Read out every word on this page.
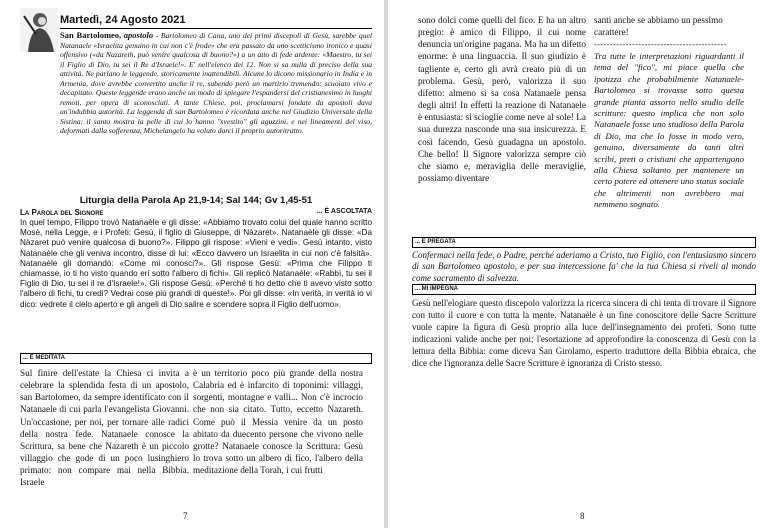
Martedì, 24 Agosto 2021
San Bartolomeo, apostolo - Bartolomeo di Cana, uno dei primi discepoli di Gesù, sarebbe quel Natanaele «Israelita genuino in cui non c'è frode» che era passato da uno scetticismo ironico e quasi offensivo («da Nazareth, può venire qualcosa di buono?») a un atto di fede ardente: «Maestro, tu sei il Figlio di Dio, tu sei il Re d'Israele!». E' nell'elenco dei 12. Non si sa nulla di preciso della sua attività. Ne parlano le leggende, storicamente inattendibili. Alcune lo dicono missionario in India e in Armenia, dove avrebbe convertito anche il re, subendo però un martirio tremendo: scuoiato vivo e decapitato. Queste leggende erano anche un modo di spiegare l'espandersi del cristianesimo in luoghi remoti, per opera di sconosciuti. A tante Chiese, poi, proclamarsi fondate da apostoli dava un'indubbia autorità. La leggenda di san Bartolomeo è ricordata anche nel Giudizio Universale della Sistina: il santo mostra la pelle di cui lo hanno "svestito" gli aguzzini, e nei lineamenti del viso, deformati dalla sofferenza, Michelangelo ha voluto darci il proprio autoritratto.
Liturgia della Parola Ap 21,9-14; Sal 144; Gv 1,45-51
La Parola del Signore	... È ASCOLTATA
In quel tempo, Filippo trovò Natanaèle e gli disse: «Abbiamo trovato colui del quale hanno scritto Mosè, nella Legge, e i Profeti: Gesù, il figlio di Giuseppe, di Nàzaret». Natanaèle gli disse: «Da Nàzaret può venire qualcosa di buono?». Filippo gli rispose: «Vieni e vedi». Gesù intanto, visto Natanaèle che gli veniva incontro, disse di lui: «Ecco davvero un Israelita in cui non c'è falsità». Natanaèle gli domandò: «Come mi conosci?». Gli rispose Gesù: «Prima che Filippo ti chiamasse, io ti ho visto quando eri sotto l'albero di fichi». Gli replicò Natanaèle: «Rabbì, tu sei il Figlio di Dio, tu sei il re d'Israele!». Gli rispose Gesù: «Perché ti ho detto che ti avevo visto sotto l'albero di fichi, tu credi? Vedrai cose più grandi di queste!». Poi gli disse: «In verità, in verità io vi dico: vedrete il cielo aperto e gli angeli di Dio salire e scendere sopra il Figlio dell'uomo».
... È MEDITATA
Sul finire dell'estate la Chiesa ci invita a celebrare la splendida festa di un apostolo, san Bartolomeo, da sempre identificato con il Natanaele di cui parla l'evangelista Giovanni. Un'occasione, per noi, per tornare alle radici della nostra fede. Natanaele conosce la Scrittura, sa bene che Nazareth è un piccolo villaggio che gode di un poco lusinghiero primato: non compare mai nella Bibbia. Israele
è un territorio poco più grande della nostra Calabria ed è infarcito di toponimi: villaggi, sorgenti, montagne e valli... Non c'è incrocio che non sia citato. Tutto, eccetto Nazareth. Come può il Messia venire da un posto abitato da duecento persone che vivono nelle grotte? Natanaele conosce la Scrittura: Gesù lo trova sotto un albero di fico, l'albero della meditazione della Torah, i cui frutti
7
sono dolci come quelli del fico. E ha un altro pregio: è amico di Filippo, il cui nome denuncia un'origine pagana. Ma ha un difetto enorme: è una linguaccia. Il suo giudizio è tagliente e, certo gli avrà creato più di un problema. Gesù, però, valorizza il suo difetto: almeno si sa cosa Natanaele pensa degli altri! In effetti la reazione di Natanaele è entusiasta: si scioglie come neve al sole! La sua durezza nasconde una sua insicurezza. E così facendo, Gesù guadagna un apostolo. Che bello! Il Signore valorizza sempre ciò che siamo e, meraviglia delle meraviglie, possiamo diventare
santi anche se abbiamo un pessimo carattere!
------------------------------------------
Tra tutte le interpretazioni riguardanti il tema del "fico", mi piace quella che ipotizza che probabilmente Natanaele-Bartolomeo si trovasse sotto questa grande pianta assorto nello studio delle scritture: questo implica che non solo Natanaele fosse uno studioso della Parola di Dio, ma che lo fosse in modo vero, genuino, diversamente da tanti altri scribi, preti o cristiani che appartengono alla Chiesa soltanto per mantenere un certo potere ed ottenere uno status sociale che altrimenti non avrebbero mai nemmeno sognato.
... È PREGATA
Confermaci nella fede, o Padre, perché aderiamo a Cristo, tuo Figlio, con l'entusiasmo sincero di san Bartolomeo apostolo, e per sua intercessione fa' che la tua Chiesa si riveli al mondo come sacramento di salvezza.
... MI IMPEGNA
Gesù nell'elogiare questo discepolo valorizza la ricerca sincera di chi tenta di trovare il Signore con tutto il cuore e con tutta la mente. Natanaèle è un fine conoscitore delle Sacre Scritture vuole capire la figura di Gesù proprio alla luce dell'insegnamento dei profeti. Sono tutte indicazioni valide anche per noi; l'esortazione ad approfondire la conoscenza di Gesù con la lettura della Bibbia: come diceva San Girolamo, esperto traduttore della Bibbia ebraica, che dice che l'ignoranza delle Sacre Scritture è ignoranza di Cristo stesso.
8
